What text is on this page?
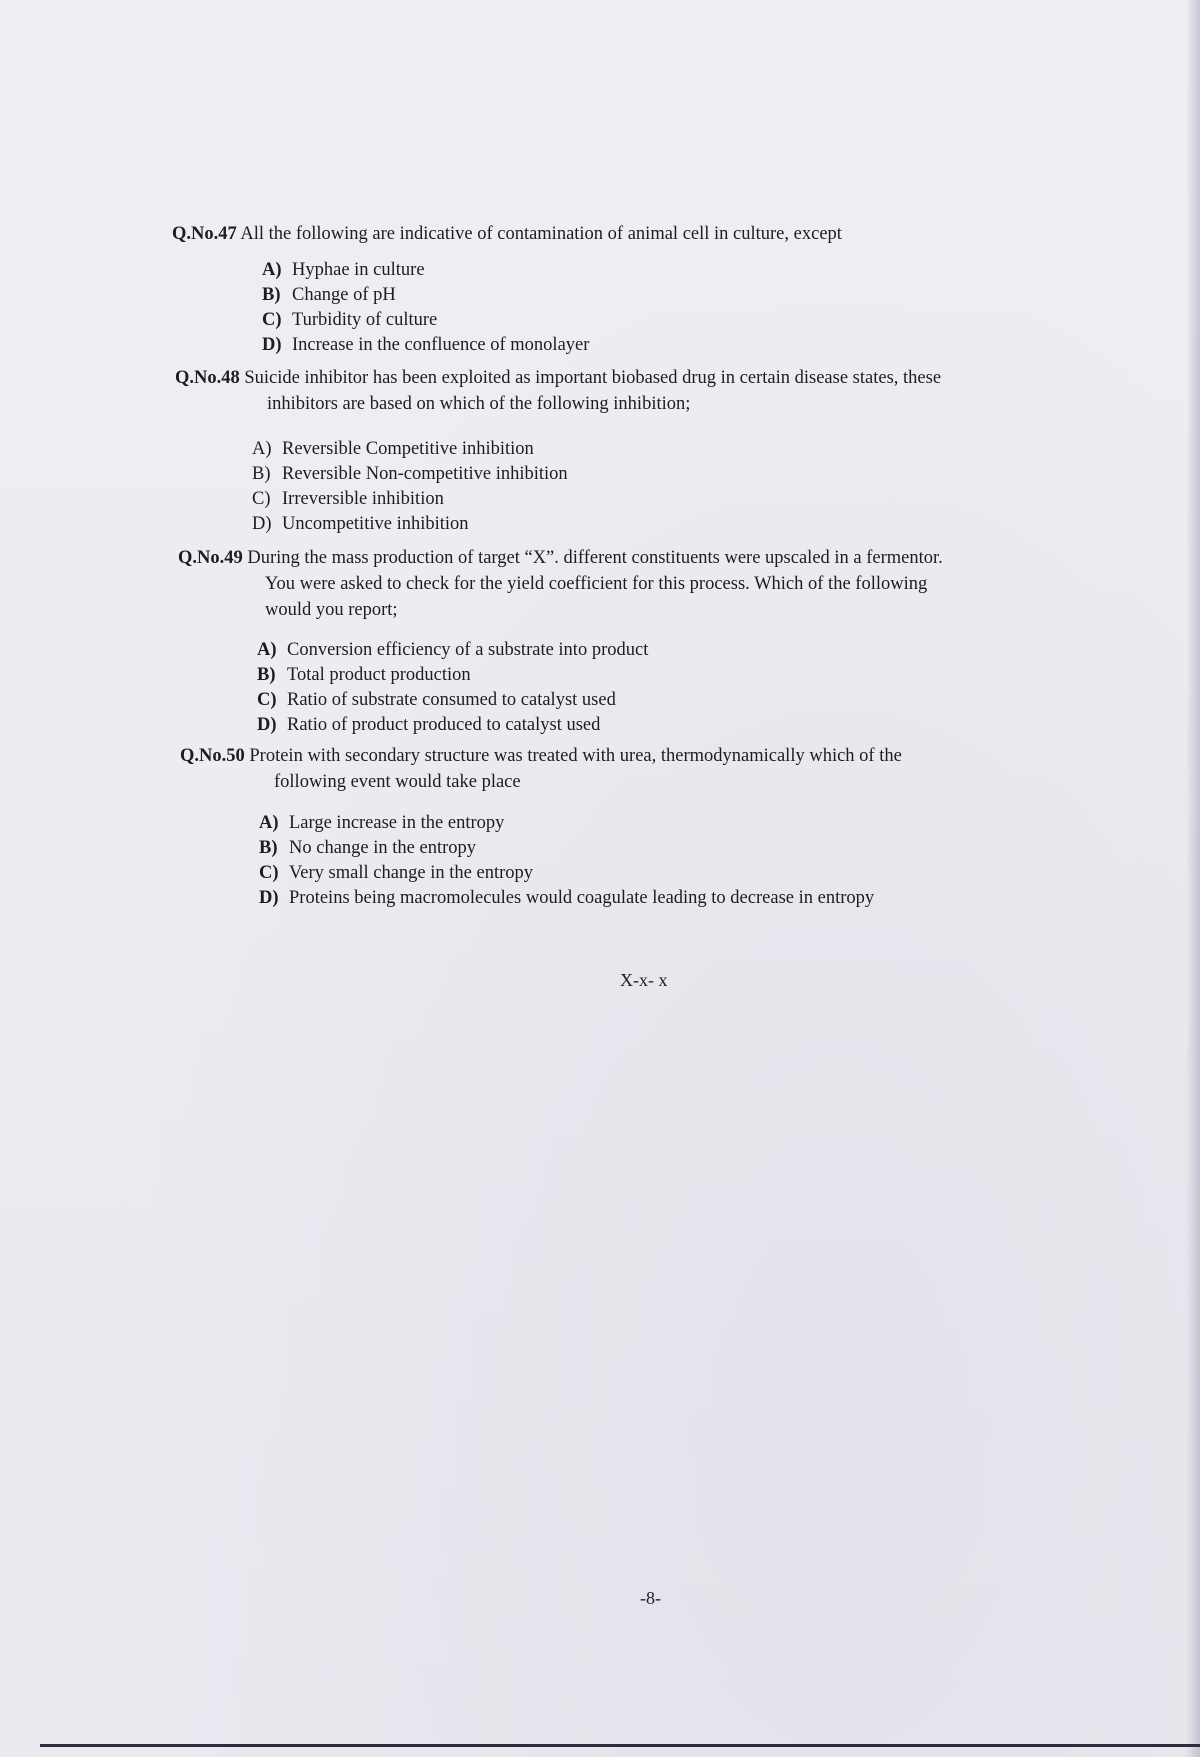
Q.No.47 All the following are indicative of contamination of animal cell in culture, except
A) Hyphae in culture
B) Change of pH
C) Turbidity of culture
D) Increase in the confluence of monolayer
Q.No.48 Suicide inhibitor has been exploited as important biobased drug in certain disease states, these
inhibitors are based on which of the following inhibition;
A) Reversible Competitive inhibition
B) Reversible Non-competitive inhibition
C) Irreversible inhibition
D) Uncompetitive inhibition
Q.No.49 During the mass production of target “X”. different constituents were upscaled in a fermentor.
You were asked to check for the yield coefficient for this process. Which of the following
would you report;
A) Conversion efficiency of a substrate into product
B) Total product production
C) Ratio of substrate consumed to catalyst used
D) Ratio of product produced to catalyst used
Q.No.50 Protein with secondary structure was treated with urea, thermodynamically which of the
following event would take place
A) Large increase in the entropy
B) No change in the entropy
C) Very small change in the entropy
D) Proteins being macromolecules would coagulate leading to decrease in entropy
X-x- x
-8-
